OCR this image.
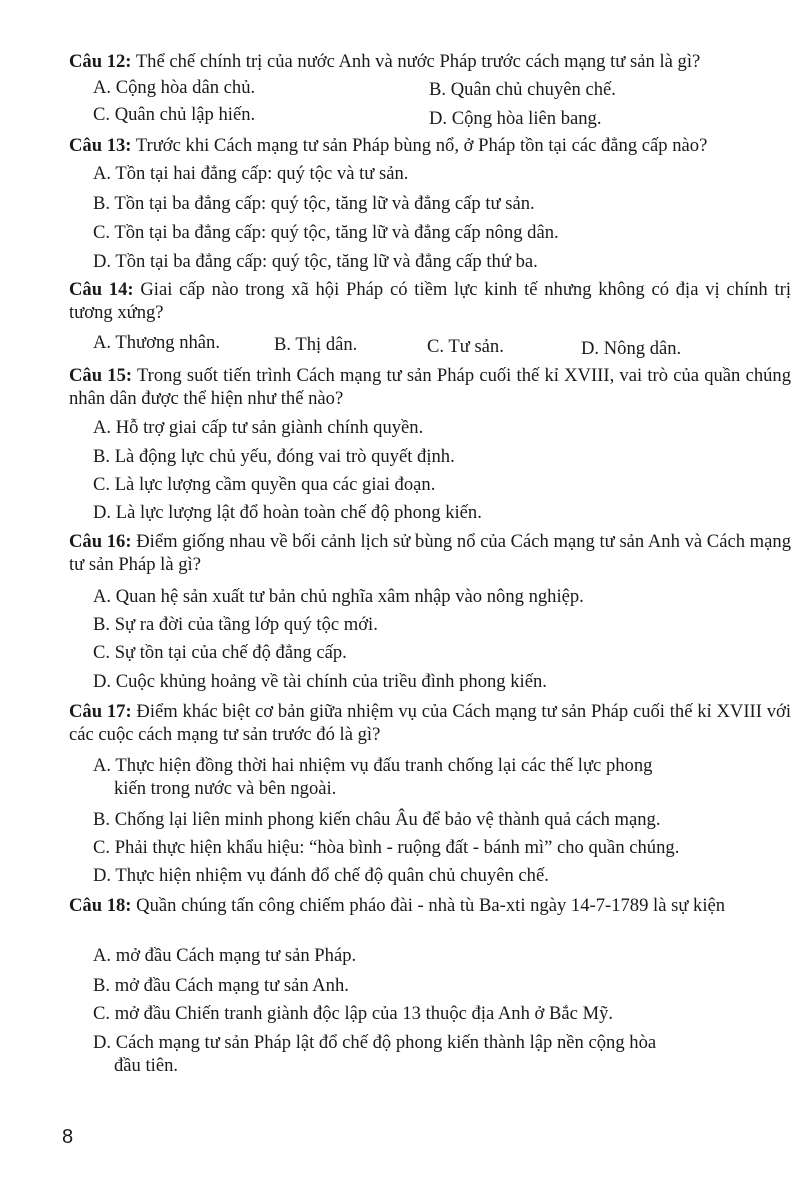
Câu 12: Thể chế chính trị của nước Anh và nước Pháp trước cách mạng tư sản là gì?
A. Cộng hòa dân chủ.	B. Quân chủ chuyên chế.
C. Quân chủ lập hiến.	D. Cộng hòa liên bang.
Câu 13: Trước khi Cách mạng tư sản Pháp bùng nổ, ở Pháp tồn tại các đẳng cấp nào?
A. Tồn tại hai đẳng cấp: quý tộc và tư sản.
B. Tồn tại ba đẳng cấp: quý tộc, tăng lữ và đẳng cấp tư sản.
C. Tồn tại ba đẳng cấp: quý tộc, tăng lữ và đẳng cấp nông dân.
D. Tồn tại ba đẳng cấp: quý tộc, tăng lữ và đẳng cấp thứ ba.
Câu 14: Giai cấp nào trong xã hội Pháp có tiềm lực kinh tế nhưng không có địa vị chính trị tương xứng?
A. Thương nhân.	B. Thị dân.	C. Tư sản.	D. Nông dân.
Câu 15: Trong suốt tiến trình Cách mạng tư sản Pháp cuối thế kỉ XVIII, vai trò của quần chúng nhân dân được thể hiện như thế nào?
A. Hỗ trợ giai cấp tư sản giành chính quyền.
B. Là động lực chủ yếu, đóng vai trò quyết định.
C. Là lực lượng cầm quyền qua các giai đoạn.
D. Là lực lượng lật đổ hoàn toàn chế độ phong kiến.
Câu 16: Điểm giống nhau về bối cảnh lịch sử bùng nổ của Cách mạng tư sản Anh và Cách mạng tư sản Pháp là gì?
A. Quan hệ sản xuất tư bản chủ nghĩa xâm nhập vào nông nghiệp.
B. Sự ra đời của tầng lớp quý tộc mới.
C. Sự tồn tại của chế độ đẳng cấp.
D. Cuộc khủng hoảng về tài chính của triều đình phong kiến.
Câu 17: Điểm khác biệt cơ bản giữa nhiệm vụ của Cách mạng tư sản Pháp cuối thế kỉ XVIII với các cuộc cách mạng tư sản trước đó là gì?
A. Thực hiện đồng thời hai nhiệm vụ đấu tranh chống lại các thế lực phong
kiến trong nước và bên ngoài.
B. Chống lại liên minh phong kiến châu Âu để bảo vệ thành quả cách mạng.
C. Phải thực hiện khẩu hiệu: “hòa bình - ruộng đất - bánh mì” cho quần chúng.
D. Thực hiện nhiệm vụ đánh đổ chế độ quân chủ chuyên chế.
Câu 18: Quần chúng tấn công chiếm pháo đài - nhà tù Ba-xti ngày 14-7-1789 là sự kiện
A. mở đầu Cách mạng tư sản Pháp.
B. mở đầu Cách mạng tư sản Anh.
C. mở đầu Chiến tranh giành độc lập của 13 thuộc địa Anh ở Bắc Mỹ.
D. Cách mạng tư sản Pháp lật đổ chế độ phong kiến thành lập nền cộng hòa
đầu tiên.
8
